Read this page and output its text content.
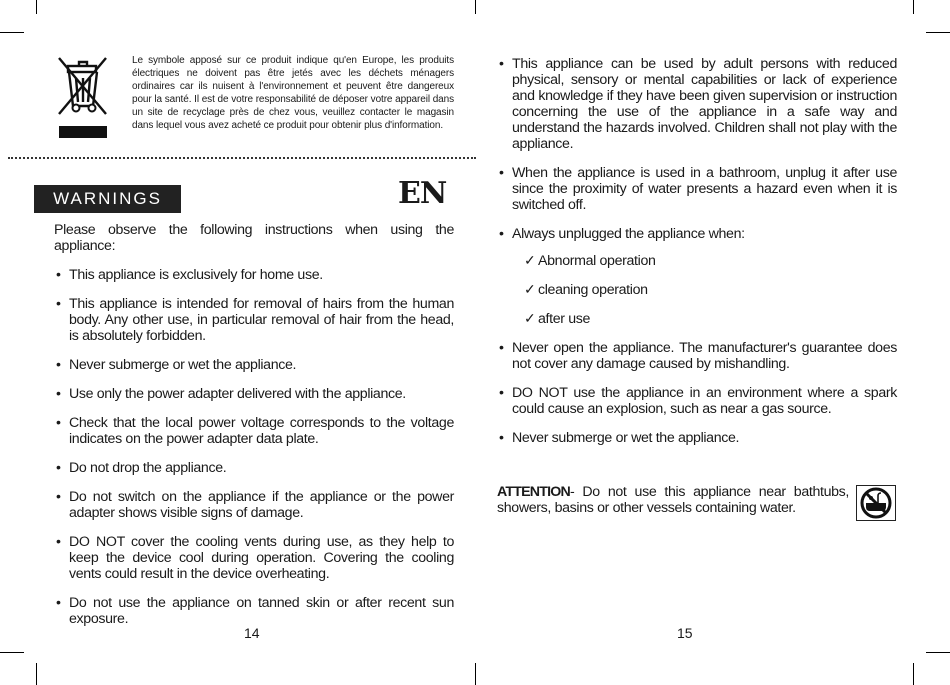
Le symbole apposé sur ce produit indique qu'en Europe, les produits électriques ne doivent pas être jetés avec les déchets ménagers ordinaires car ils nuisent à l'environnement et peuvent être dangereux pour la santé. Il est de votre responsabilité de déposer votre appareil dans un site de recyclage près de chez vous, veuillez contacter le magasin dans lequel vous avez acheté ce produit pour obtenir plus d'information.
WARNINGS	EN

Please observe the following instructions when using the appliance:

• This appliance is exclusively for home use.
• This appliance is intended for removal of hairs from the human body. Any other use, in particular removal of hair from the head, is absolutely forbidden.
• Never submerge or wet the appliance.
• Use only the power adapter delivered with the appliance.
• Check that the local power voltage corresponds to the voltage indicates on the power adapter data plate.
• Do not drop the appliance.
• Do not switch on the appliance if the appliance or the power adapter shows visible signs of damage.
• DO NOT cover the cooling vents during use, as they help to keep the device cool during operation. Covering the cooling vents could result in the device overheating.
• Do not use the appliance on tanned skin or after recent sun exposure.
• This appliance can be used by adult persons with reduced physical, sensory or mental capabilities or lack of experience and knowledge if they have been given supervision or instruction concerning the use of the appliance in a safe way and understand the hazards involved. Children shall not play with the appliance.
• When the appliance is used in a bathroom, unplug it after use since the proximity of water presents a hazard even when it is switched off.
• Always unplugged the appliance when:
✓ Abnormal operation
✓ cleaning operation
✓ after use
• Never open the appliance. The manufacturer's guarantee does not cover any damage caused by mishandling.
• DO NOT use the appliance in an environment where a spark could cause an explosion, such as near a gas source.
• Never submerge or wet the appliance.
ATTENTION- Do not use this appliance near bathtubs, showers, basins or other vessels containing water.
14	15
